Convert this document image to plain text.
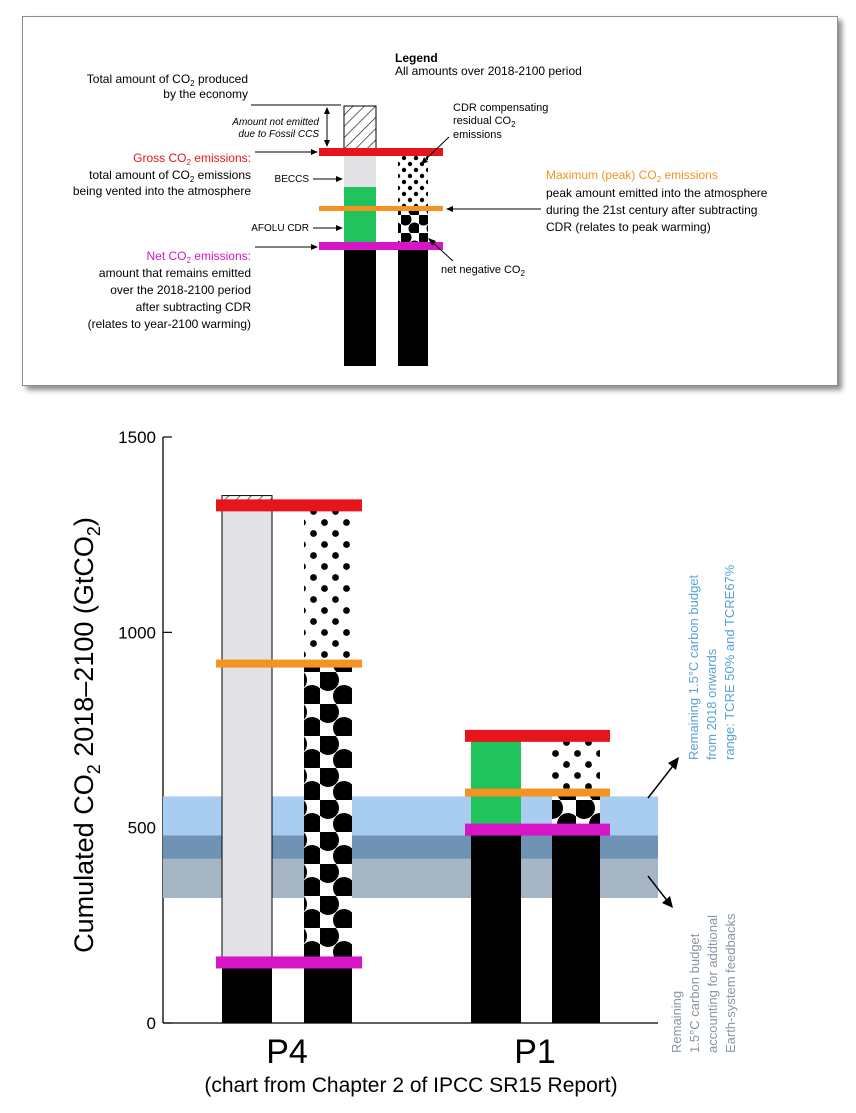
Legend
All amounts over 2018-2100 period
Total amount of $CO_2$ produced
by the economy
Amount not emitted
due to Fossil CCS
CDR compensating
residual $CO_2$
emissions
Gross $CO_2$ emissions:
total amount of $CO_2$ emissions
being vented into the atmosphere
BECCS
AFOLU CDR
Maximum (peak) $CO_2$ emissions
peak amount emitted into the atmosphere
during the 21st century after subtracting
CDR (relates to peak warming)
Net $CO_2$ emissions:
amount that remains emitted
over the 2018-2100 period
after subtracting CDR
(relates to year-2100 warming)
net negative $CO_2$
Cumulated $CO_2$ 2018–2100 (GtCO$_2$)
0
500
1000
1500
P4	P1
Remaining 1.5°C carbon budget from 2018 onwards range: TCRE 50% and TCRE67%
Remaining 1.5°C carbon budget accounting for addtional Earth-system feedbacks
(chart from Chapter 2 of IPCC SR15 Report)
